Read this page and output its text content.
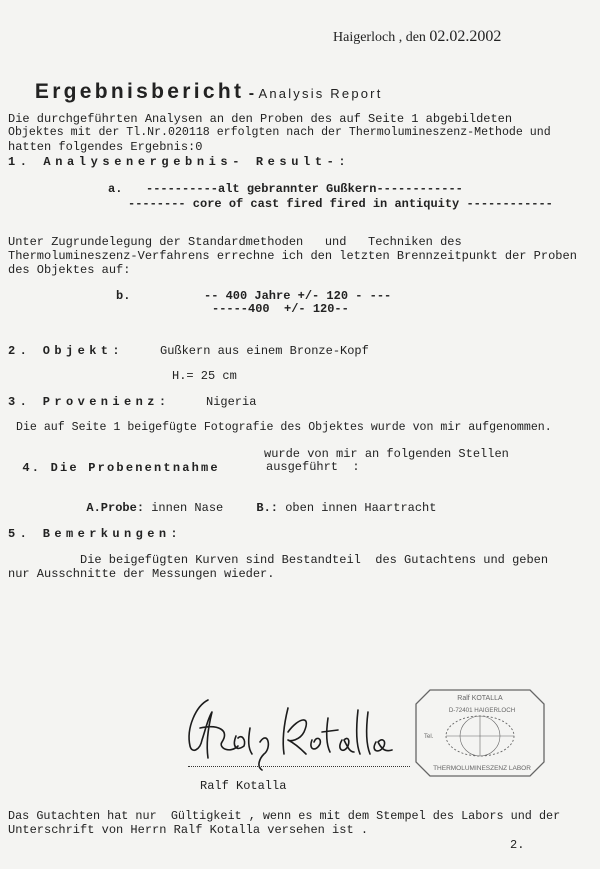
Haigerloch , den 02.02.2002

Ergebnisbericht - Analysis Report

Die durchgeführten Analysen an den Proben des auf Seite 1 abgebildeten
Objektes mit der Tl.Nr.020118 erfolgten nach der Thermolumineszenz-Methode und
hatten folgendes Ergebnis:0
1. Analysenergebnis- Result-:
a. ----------alt gebrannter Gußkern------------
-------- core of cast fired fired in antiquity ------------
Unter Zugrundelegung der Standardmethoden   und   Techniken des
Thermolumineszenz-Verfahrens errechne ich den letzten Brennzeitpunkt der Proben
des Objektes auf:
b.	-- 400 Jahre +/- 120 - ---
-----400  +/- 120--
2. Objekt:	Gußkern aus einem Bronze-Kopf
H.= 25 cm
3. Provenienz:	Nigeria
Die auf Seite 1 beigefügte Fotografie des Objektes wurde von mir aufgenommen.

4. Die Probenentnahme

wurde von mir an folgenden Stellen
ausgeführt  :

A.Probe: innen Nase	B.: oben innen Haartracht

5. Bemerkungen:
Die beigefügten Kurven sind Bestandteil  des Gutachtens und geben
nur Ausschnitte der Messungen wieder.
Ralf Kotalla
Ralf KOTALLA
D-72401 HAIGERLOCH
THERMOLUMINESZENZ LABOR
Tel.
Das Gutachten hat nur  Gültigkeit , wenn es mit dem Stempel des Labors und der
Unterschrift von Herrn Ralf Kotalla versehen ist .
2.
